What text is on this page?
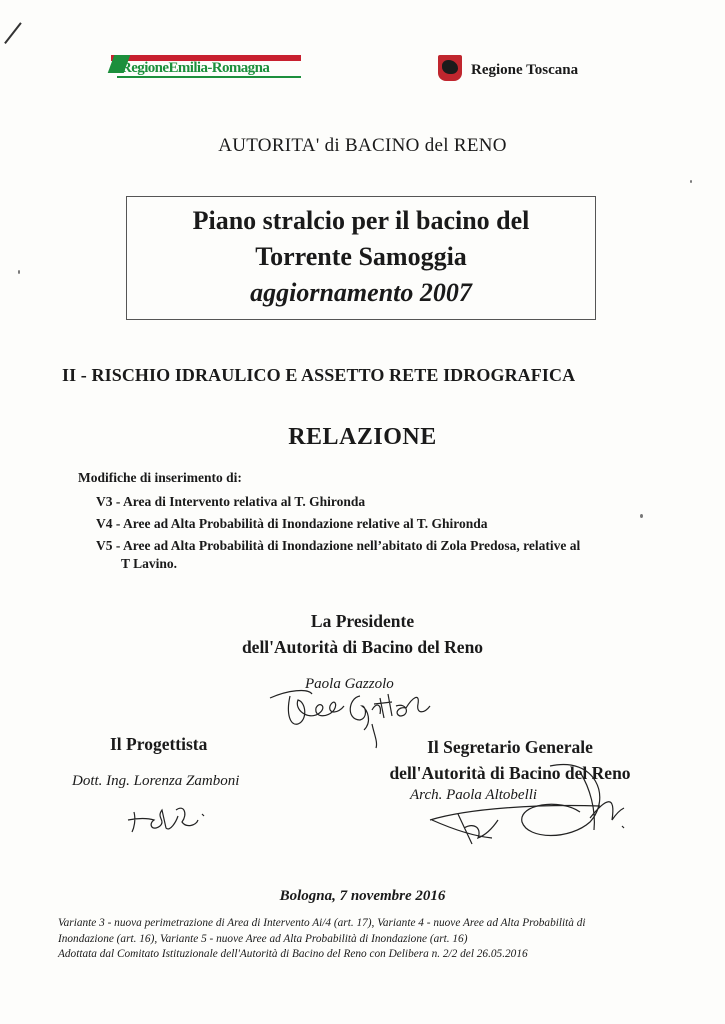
RegioneEmilia-Romagna	Regione Toscana
AUTORITA' di BACINO del RENO
Piano stralcio per il bacino del
Torrente Samoggia
aggiornamento 2007
II - RISCHIO IDRAULICO E ASSETTO RETE IDROGRAFICA
RELAZIONE
Modifiche di inserimento di:
V3 - Area di Intervento relativa al T. Ghironda
V4 - Aree ad Alta Probabilità di Inondazione relative al T. Ghironda
V5 - Aree ad Alta Probabilità di Inondazione nell’abitato di Zola Predosa, relative al
T Lavino.
La Presidente
dell'Autorità di Bacino del Reno
Paola Gazzolo
Il Progettista
Dott. Ing. Lorenza Zamboni
Il Segretario Generale
dell'Autorità di Bacino del Reno
Arch. Paola Altobelli
Bologna, 7 novembre 2016
Variante 3 - nuova perimetrazione di Area di Intervento Ai/4 (art. 17), Variante 4 - nuove Aree ad Alta Probabilità di
Inondazione (art. 16), Variante 5 - nuove Aree ad Alta Probabilità di Inondazione (art. 16)
Adottata dal Comitato Istituzionale dell'Autorità di Bacino del Reno con Delibera n. 2/2 del 26.05.2016
